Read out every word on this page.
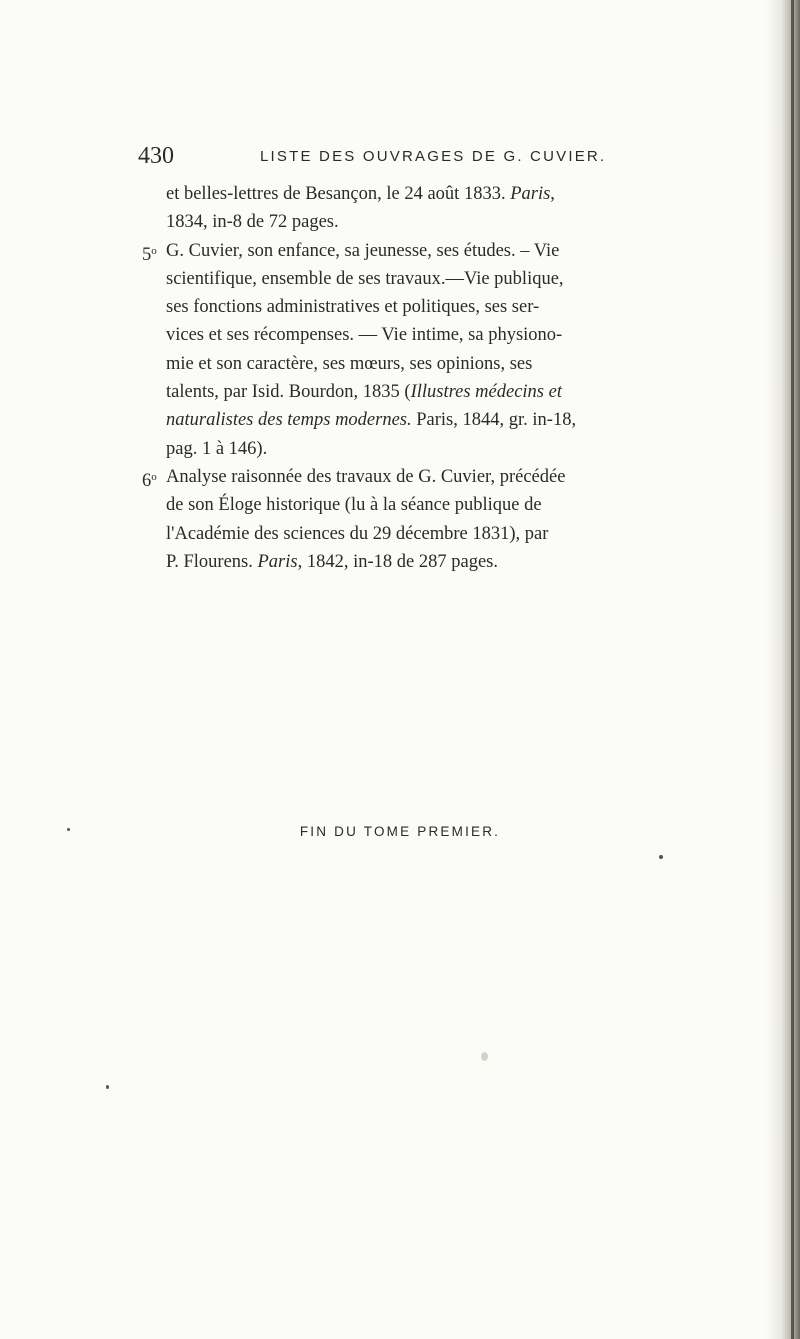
430	LISTE DES OUVRAGES DE G. CUVIER.

et belles-lettres de Besançon, le 24 août 1833. Paris,
1834, in-8 de 72 pages.

5$^o$ G. Cuvier, son enfance, sa jeunesse, ses études. – Vie
scientifique, ensemble de ses travaux.—Vie publique,
ses fonctions administratives et politiques, ses ser-
vices et ses récompenses. — Vie intime, sa physiono-
mie et son caractère, ses mœurs, ses opinions, ses
talents, par Isid. Bourdon, 1835 (Illustres médecins et
naturalistes des temps modernes. Paris, 1844, gr. in-18,
pag. 1 à 146).

6$^o$ Analyse raisonnée des travaux de G. Cuvier, précédée
de son Éloge historique (lu à la séance publique de
l'Académie des sciences du 29 décembre 1831), par
P. Flourens. Paris, 1842, in-18 de 287 pages.

FIN DU TOME PREMIER.
